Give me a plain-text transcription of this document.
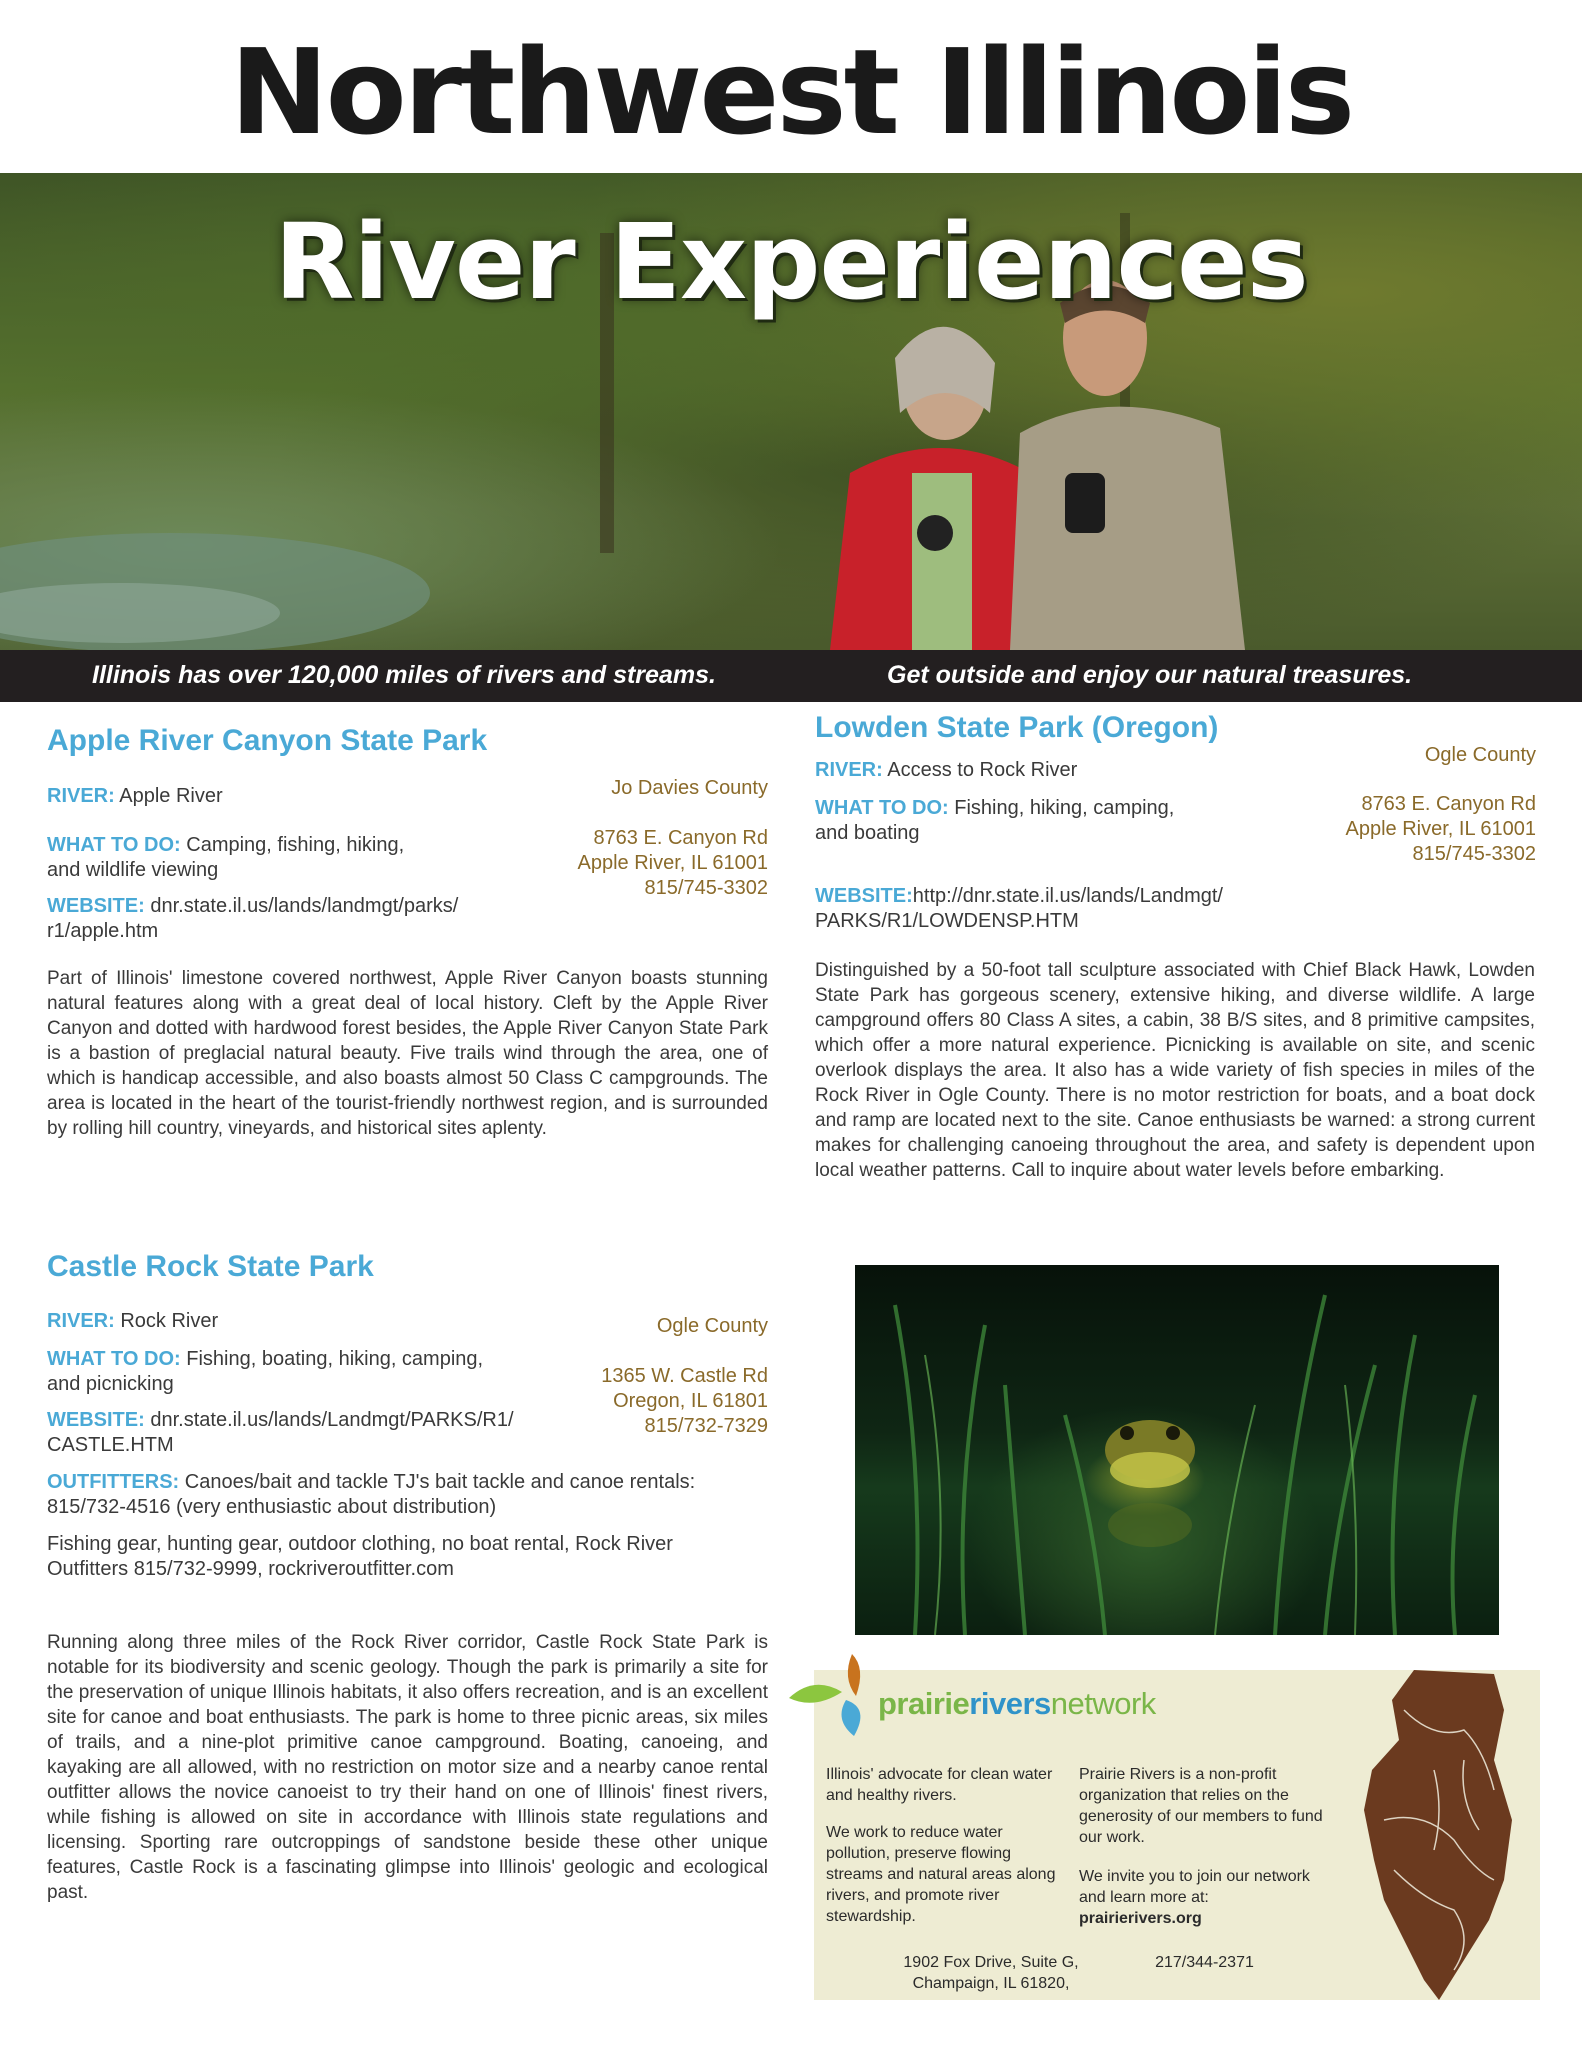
Northwest Illinois
River Experiences
Illinois has over 120,000 miles of rivers and streams.	Get outside and enjoy our natural treasures.
Apple River Canyon State Park
RIVER: Apple River	Jo Davies County
WHAT TO DO: Camping, fishing, hiking,
and wildlife viewing
8763 E. Canyon Rd
Apple River, IL 61001
815/745-3302
WEBSITE: dnr.state.il.us/lands/landmgt/parks/
r1/apple.htm
Part of Illinois' limestone covered northwest, Apple River Canyon boasts stunning natural features along with a great deal of local history. Cleft by the Apple River Canyon and dotted with hardwood forest besides, the Apple River Canyon State Park is a bastion of preglacial natural beauty. Five trails wind through the area, one of which is handicap accessible, and also boasts almost 50 Class C campgrounds. The area is located in the heart of the tourist-friendly northwest region, and is surrounded by rolling hill country, vineyards, and historical sites aplenty.
Lowden State Park (Oregon)
RIVER: Access to Rock River
Ogle County
WHAT TO DO: Fishing, hiking, camping,
and boating
8763 E. Canyon Rd
Apple River, IL 61001
815/745-3302
WEBSITE:http://dnr.state.il.us/lands/Landmgt/
PARKS/R1/LOWDENSP.HTM
Distinguished by a 50-foot tall sculpture associated with Chief Black Hawk, Lowden State Park has gorgeous scenery, extensive hiking, and diverse wildlife. A large campground offers 80 Class A sites, a cabin, 38 B/S sites, and 8 primitive campsites, which offer a more natural experience. Picnicking is available on site, and scenic overlook displays the area. It also has a wide variety of fish species in miles of the Rock River in Ogle County. There is no motor restriction for boats, and a boat dock and ramp are located next to the site. Canoe enthusiasts be warned: a strong current makes for challenging canoeing throughout the area, and safety is dependent upon local weather patterns. Call to inquire about water levels before embarking.
Castle Rock State Park
RIVER: Rock River	Ogle County
WHAT TO DO: Fishing, boating, hiking, camping,
and picnicking	1365 W. Castle Rd
Oregon, IL 61801
815/732-7329
WEBSITE: dnr.state.il.us/lands/Landmgt/PARKS/R1/
CASTLE.HTM
OUTFITTERS: Canoes/bait and tackle TJ's bait tackle and canoe rentals:
815/732-4516 (very enthusiastic about distribution)
Fishing gear, hunting gear, outdoor clothing, no boat rental, Rock River
Outfitters 815/732-9999, rockriveroutfitter.com
Running along three miles of the Rock River corridor, Castle Rock State Park is notable for its biodiversity and scenic geology. Though the park is primarily a site for the preservation of unique Illinois habitats, it also offers recreation, and is an excellent site for canoe and boat enthusiasts. The park is home to three picnic areas, six miles of trails, and a nine-plot primitive canoe campground. Boating, canoeing, and kayaking are all allowed, with no restriction on motor size and a nearby canoe rental outfitter allows the novice canoeist to try their hand on one of Illinois' finest rivers, while fishing is allowed on site in accordance with Illinois state regulations and licensing. Sporting rare outcroppings of sandstone beside these other unique features, Castle Rock is a fascinating glimpse into Illinois' geologic and ecological past.
prairieriversnetwork
Illinois' advocate for clean water and healthy rivers.
We work to reduce water pollution, preserve flowing streams and natural areas along rivers, and promote river stewardship.
Prairie Rivers is a non-profit organization that relies on the generosity of our members to fund our work.
We invite you to join our network and learn more at:
prairierivers.org
1902 Fox Drive, Suite G,
Champaign, IL 61820,
217/344-2371
